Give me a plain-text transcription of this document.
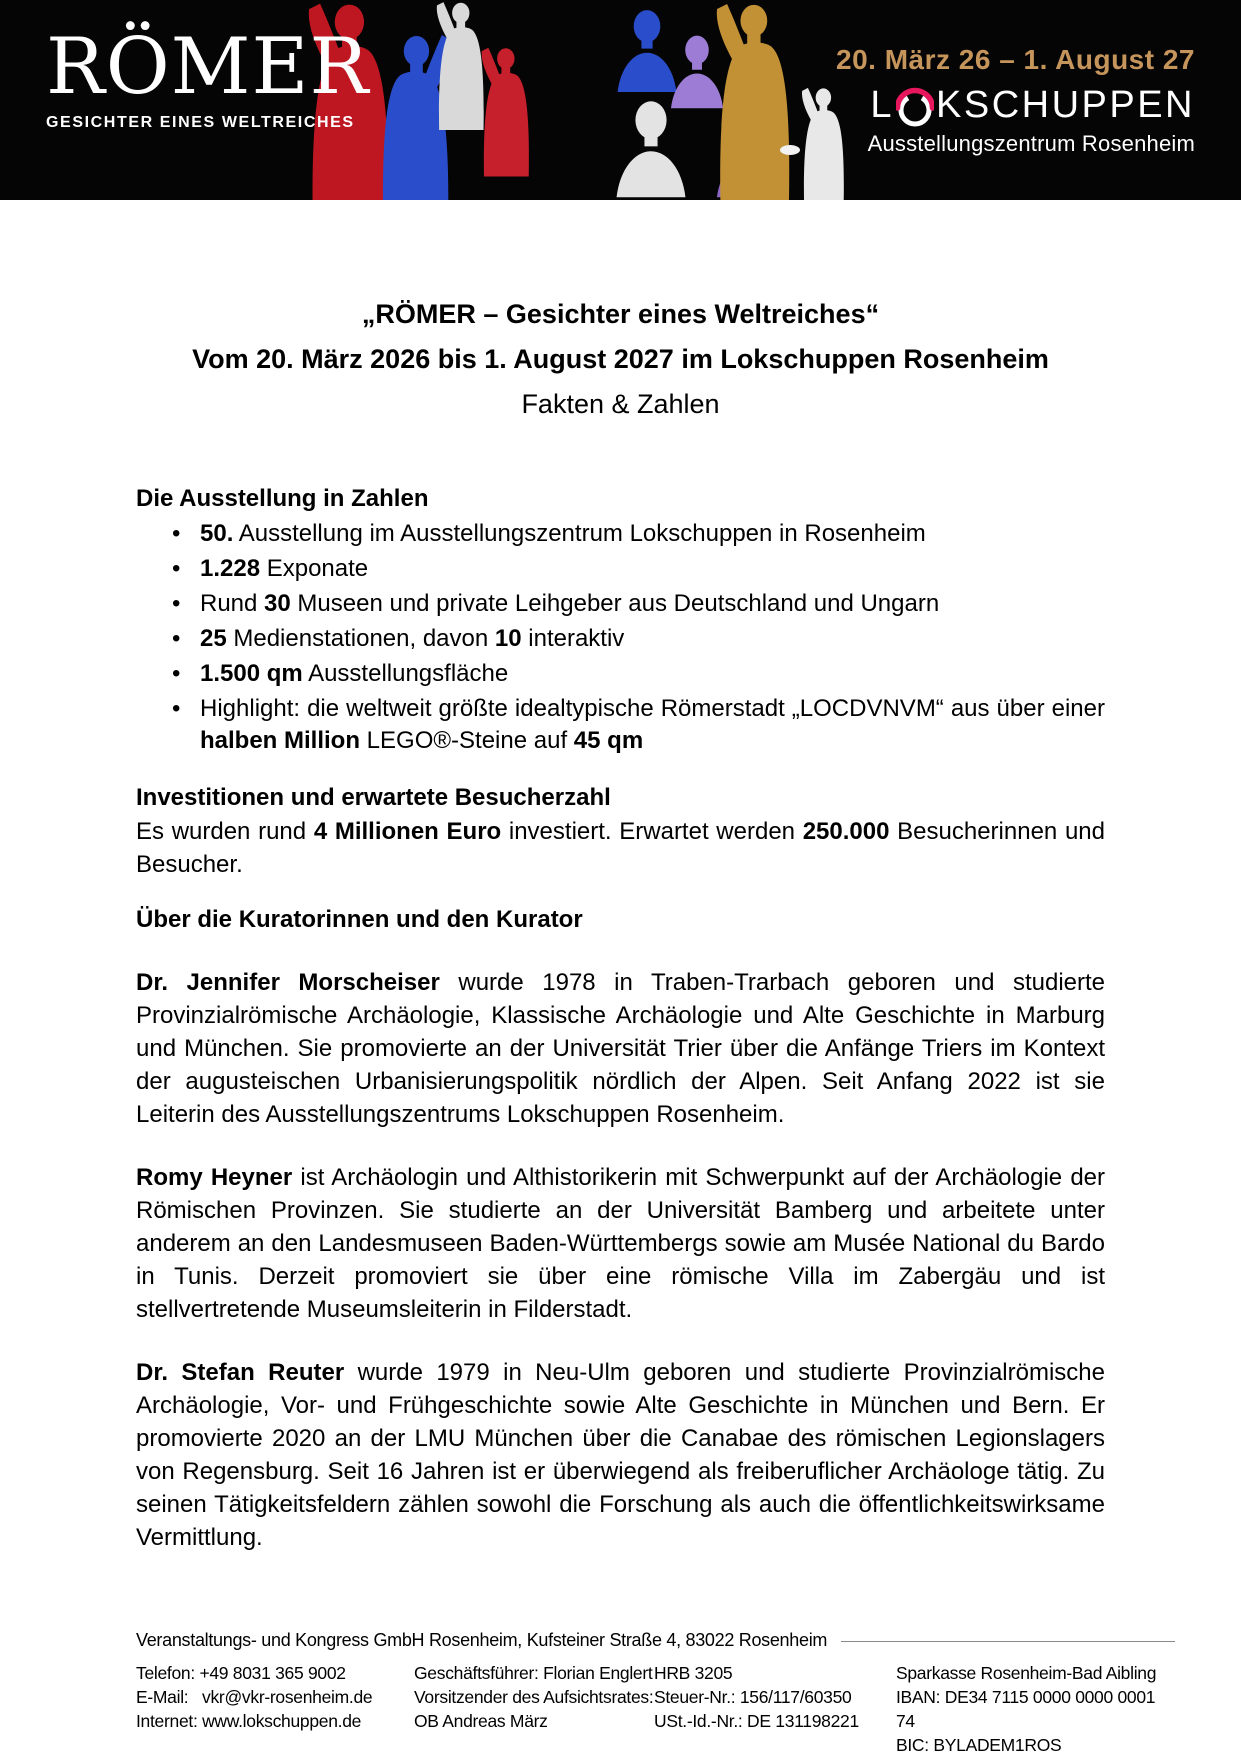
RÖMER
GESICHTER EINES WELTREICHES
20. März 26 – 1. August 27
L KSCHUPPEN
Ausstellungszentrum Rosenheim
„RÖMER – Gesichter eines Weltreiches“
Vom 20. März 2026 bis 1. August 2027 im Lokschuppen Rosenheim
Fakten & Zahlen
Die Ausstellung in Zahlen
• 50. Ausstellung im Ausstellungszentrum Lokschuppen in Rosenheim
• 1.228 Exponate
• Rund 30 Museen und private Leihgeber aus Deutschland und Ungarn
• 25 Medienstationen, davon 10 interaktiv
• 1.500 qm Ausstellungsfläche
• Highlight: die weltweit größte idealtypische Römerstadt „LOCDVNVM“ aus über einer halben Million LEGO®-Steine auf 45 qm
Investitionen und erwartete Besucherzahl

Es wurden rund 4 Millionen Euro investiert. Erwartet werden 250.000 Besucherinnen und Besucher.

Über die Kuratorinnen und den Kurator

Dr. Jennifer Morscheiser wurde 1978 in Traben-Trarbach geboren und studierte Provinzialrömische Archäologie, Klassische Archäologie und Alte Geschichte in Marburg und München. Sie promovierte an der Universität Trier über die Anfänge Triers im Kontext der augusteischen Urbanisierungspolitik nördlich der Alpen. Seit Anfang 2022 ist sie Leiterin des Ausstellungszentrums Lokschuppen Rosenheim.

Romy Heyner ist Archäologin und Althistorikerin mit Schwerpunkt auf der Archäologie der Römischen Provinzen. Sie studierte an der Universität Bamberg und arbeitete unter anderem an den Landesmuseen Baden-Württembergs sowie am Musée National du Bardo in Tunis. Derzeit promoviert sie über eine römische Villa im Zabergäu und ist stellvertretende Museumsleiterin in Filderstadt.

Dr. Stefan Reuter wurde 1979 in Neu-Ulm geboren und studierte Provinzialrömische Archäologie, Vor- und Frühgeschichte sowie Alte Geschichte in München und Bern. Er promovierte 2020 an der LMU München über die Canabae des römischen Legionslagers von Regensburg. Seit 16 Jahren ist er überwiegend als freiberuflicher Archäologe tätig. Zu seinen Tätigkeitsfeldern zählen sowohl die Forschung als auch die öffentlichkeitswirksame Vermittlung.

Veranstaltungs- und Kongress GmbH Rosenheim, Kufsteiner Straße 4, 83022 Rosenheim
Telefon: +49 8031 365 9002
E-Mail:   vkr@vkr-rosenheim.de
Internet: www.lokschuppen.de
Geschäftsführer: Florian Englert
Vorsitzender des Aufsichtsrates:
OB Andreas März
HRB 3205
Steuer-Nr.: 156/117/60350
USt.-Id.-Nr.: DE 131198221
Sparkasse Rosenheim-Bad Aibling
IBAN: DE34 7115 0000 0000 0001 74
BIC: BYLADEM1ROS
